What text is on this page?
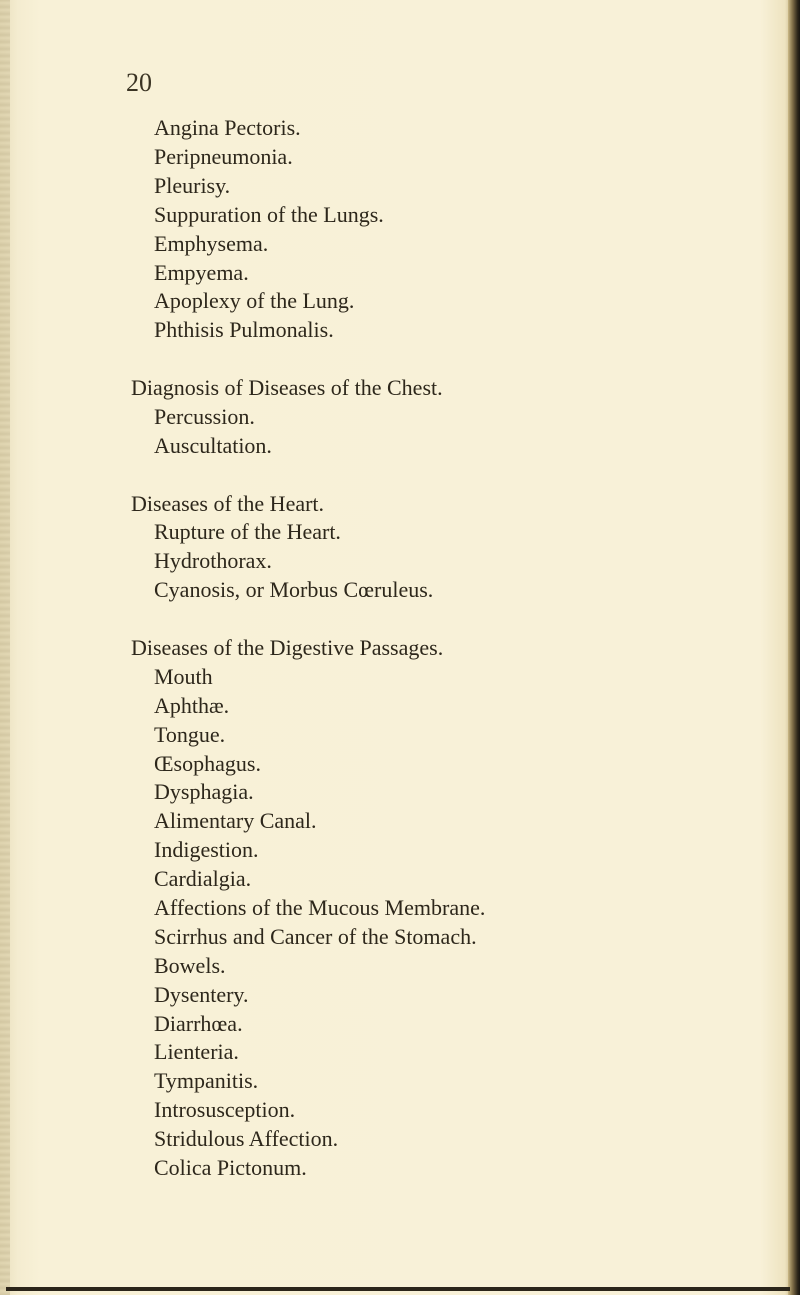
20
Angina Pectoris.
Peripneumonia.
Pleurisy.
Suppuration of the Lungs.
Emphysema.
Empyema.
Apoplexy of the Lung.
Phthisis Pulmonalis.
Diagnosis of Diseases of the Chest.
Percussion.
Auscultation.
Diseases of the Heart.
Rupture of the Heart.
Hydrothorax.
Cyanosis, or Morbus Cœruleus.
Diseases of the Digestive Passages.
Mouth
Aphthæ.
Tongue.
Œsophagus.
Dysphagia.
Alimentary Canal.
Indigestion.
Cardialgia.
Affections of the Mucous Membrane.
Scirrhus and Cancer of the Stomach.
Bowels.
Dysentery.
Diarrhœa.
Lienteria.
Tympanitis.
Introsusception.
Stridulous Affection.
Colica Pictonum.
